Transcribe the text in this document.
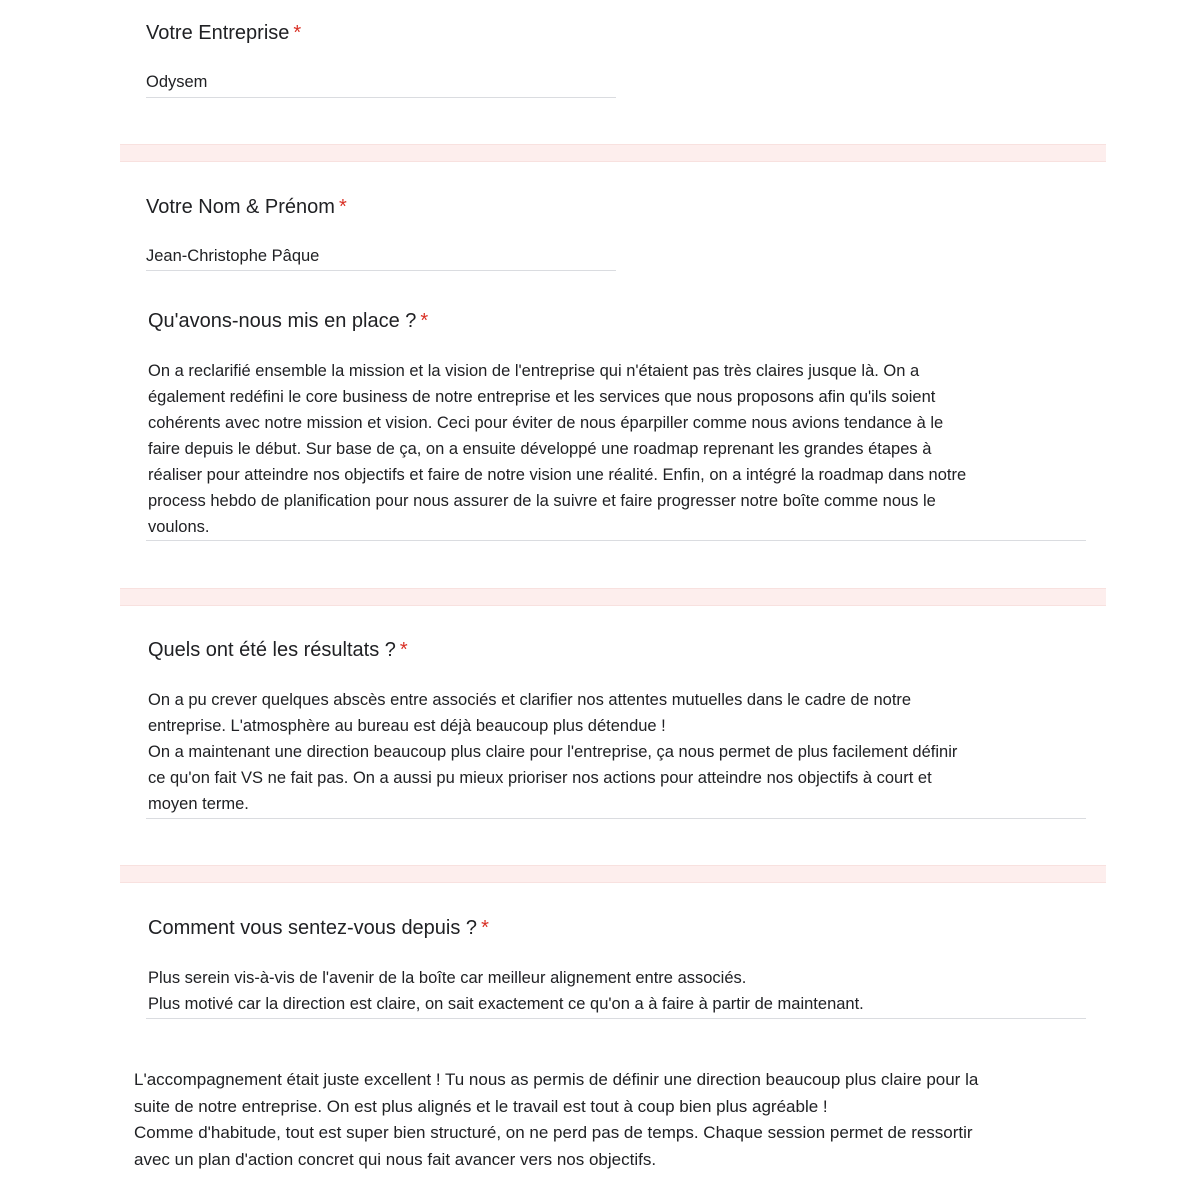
Votre Entreprise *
Odysem
Votre Nom & Prénom *
Jean-Christophe Pâque
Qu'avons-nous mis en place ? *
On a reclarifié ensemble la mission et la vision de l'entreprise qui n'étaient pas très claires jusque là. On a
également redéfini le core business de notre entreprise et les services que nous proposons afin qu'ils soient
cohérents avec notre mission et vision. Ceci pour éviter de nous éparpiller comme nous avions tendance à le
faire depuis le début. Sur base de ça, on a ensuite développé une roadmap reprenant les grandes étapes à
réaliser pour atteindre nos objectifs et faire de notre vision une réalité. Enfin, on a intégré la roadmap dans notre
process hebdo de planification pour nous assurer de la suivre et faire progresser notre boîte comme nous le
voulons.
Quels ont été les résultats ? *
On a pu crever quelques abscès entre associés et clarifier nos attentes mutuelles dans le cadre de notre
entreprise. L'atmosphère au bureau est déjà beaucoup plus détendue !
On a maintenant une direction beaucoup plus claire pour l'entreprise, ça nous permet de plus facilement définir
ce qu'on fait VS ne fait pas. On a aussi pu mieux prioriser nos actions pour atteindre nos objectifs à court et
moyen terme.
Comment vous sentez-vous depuis ? *
Plus serein vis-à-vis de l'avenir de la boîte car meilleur alignement entre associés.
Plus motivé car la direction est claire, on sait exactement ce qu'on a à faire à partir de maintenant.
L'accompagnement était juste excellent ! Tu nous as permis de définir une direction beaucoup plus claire pour la
suite de notre entreprise. On est plus alignés et le travail est tout à coup bien plus agréable !
Comme d'habitude, tout est super bien structuré, on ne perd pas de temps. Chaque session permet de ressortir
avec un plan d'action concret qui nous fait avancer vers nos objectifs.
